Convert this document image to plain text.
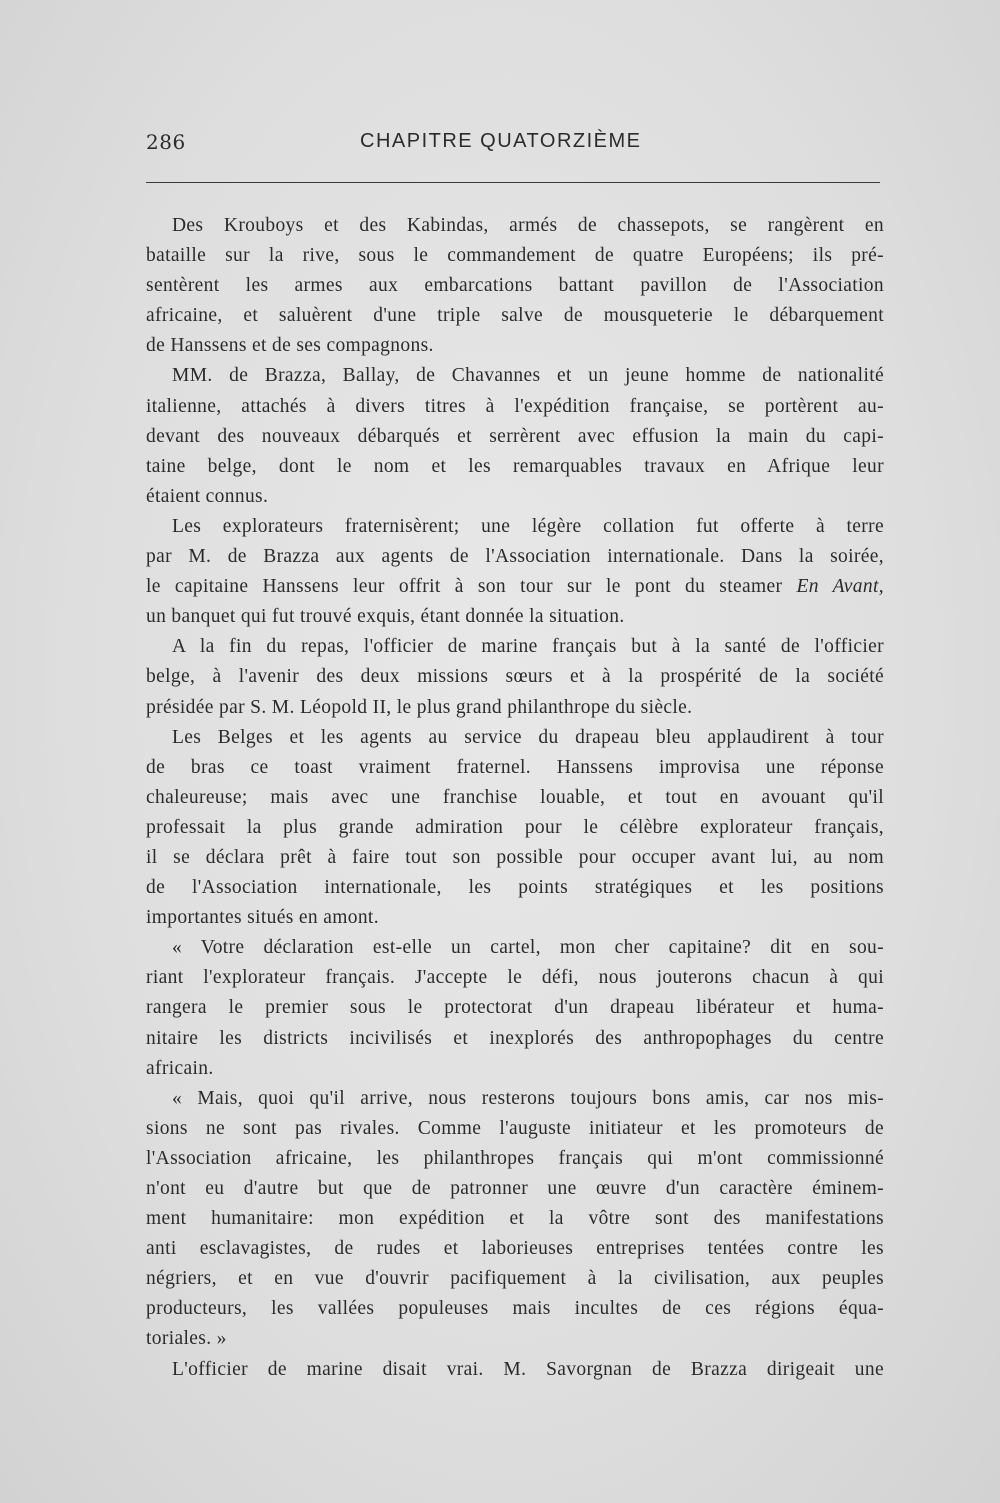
286	CHAPITRE QUATORZIÈME
Des Krouboys et des Kabindas, armés de chassepots, se rangèrent en
bataille sur la rive, sous le commandement de quatre Européens; ils pré-
sentèrent les armes aux embarcations battant pavillon de l'Association
africaine, et saluèrent d'une triple salve de mousqueterie le débarquement
de Hanssens et de ses compagnons.
MM. de Brazza, Ballay, de Chavannes et un jeune homme de nationalité
italienne, attachés à divers titres à l'expédition française, se portèrent au-
devant des nouveaux débarqués et serrèrent avec effusion la main du capi-
taine belge, dont le nom et les remarquables travaux en Afrique leur
étaient connus.
Les explorateurs fraternisèrent; une légère collation fut offerte à terre
par M. de Brazza aux agents de l'Association internationale. Dans la soirée,
le capitaine Hanssens leur offrit à son tour sur le pont du steamer En Avant,
un banquet qui fut trouvé exquis, étant donnée la situation.
A la fin du repas, l'officier de marine français but à la santé de l'officier
belge, à l'avenir des deux missions sœurs et à la prospérité de la société
présidée par S. M. Léopold II, le plus grand philanthrope du siècle.
Les Belges et les agents au service du drapeau bleu applaudirent à tour
de bras ce toast vraiment fraternel. Hanssens improvisa une réponse
chaleureuse; mais avec une franchise louable, et tout en avouant qu'il
professait la plus grande admiration pour le célèbre explorateur français,
il se déclara prêt à faire tout son possible pour occuper avant lui, au nom
de l'Association internationale, les points stratégiques et les positions
importantes situés en amont.
« Votre déclaration est-elle un cartel, mon cher capitaine? dit en sou-
riant l'explorateur français. J'accepte le défi, nous jouterons chacun à qui
rangera le premier sous le protectorat d'un drapeau libérateur et huma-
nitaire les districts incivilisés et inexplorés des anthropophages du centre
africain.
« Mais, quoi qu'il arrive, nous resterons toujours bons amis, car nos mis-
sions ne sont pas rivales. Comme l'auguste initiateur et les promoteurs de
l'Association africaine, les philanthropes français qui m'ont commissionné
n'ont eu d'autre but que de patronner une œuvre d'un caractère éminem-
ment humanitaire: mon expédition et la vôtre sont des manifestations
anti esclavagistes, de rudes et laborieuses entreprises tentées contre les
négriers, et en vue d'ouvrir pacifiquement à la civilisation, aux peuples
producteurs, les vallées populeuses mais incultes de ces régions équa-
toriales. »
L'officier de marine disait vrai. M. Savorgnan de Brazza dirigeait une
